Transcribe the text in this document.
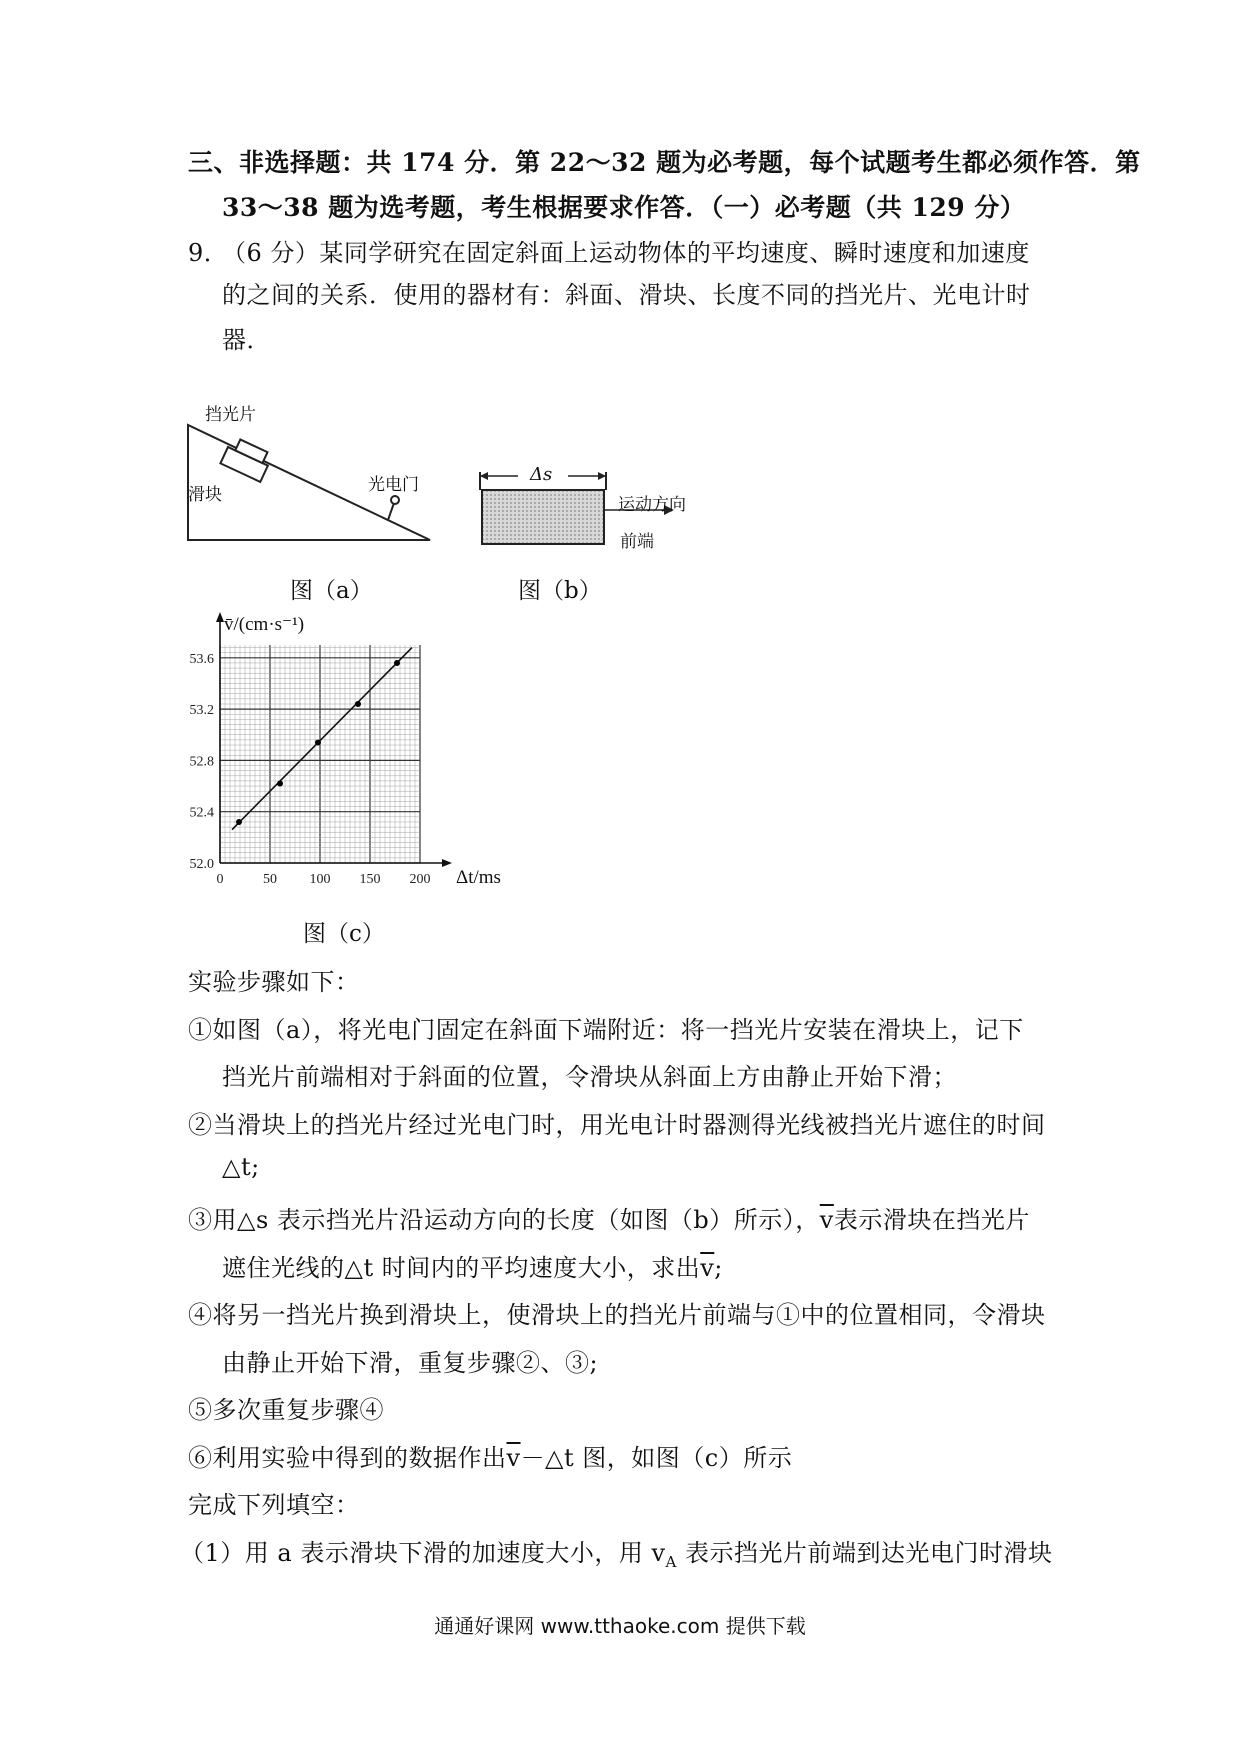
三、非选择题：共 174 分．第 22～32 题为必考题，每个试题考生都必须作答．第
33～38 题为选考题，考生根据要求作答．（一）必考题（共 129 分）
9．
（6 分）某同学研究在固定斜面上运动物体的平均速度、瞬时速度和加速度
的之间的关系．使用的器材有：斜面、滑块、长度不同的挡光片、光电计时
器．
挡光片
滑块	光电门
图（a）
Δs
运动方向
前端
图（b）
0	50 100 150 200
52.0
52.4
52.8
53.2
53.6
v̄/(cm·s⁻¹)
Δt/ms
图（c）
实验步骤如下：
①如图（a），将光电门固定在斜面下端附近：将一挡光片安装在滑块上，记下
挡光片前端相对于斜面的位置，令滑块从斜面上方由静止开始下滑；
②当滑块上的挡光片经过光电门时，用光电计时器测得光线被挡光片遮住的时间
△t;
③用△s 表示挡光片沿运动方向的长度（如图（b）所示），$\overline{v}$表示滑块在挡光片
遮住光线的△t 时间内的平均速度大小，求出$\overline{v}$;
④将另一挡光片换到滑块上，使滑块上的挡光片前端与①中的位置相同，令滑块
由静止开始下滑，重复步骤②、③;
⑤多次重复步骤④
⑥利用实验中得到的数据作出$\overline{v}-\triangle t$ 图，如图（c）所示
完成下列填空：
（1）用 a 表示滑块下滑的加速度大小，用 $v_A$ 表示挡光片前端到达光电门时滑块
通通好课网 www.tthaoke.com 提供下载
